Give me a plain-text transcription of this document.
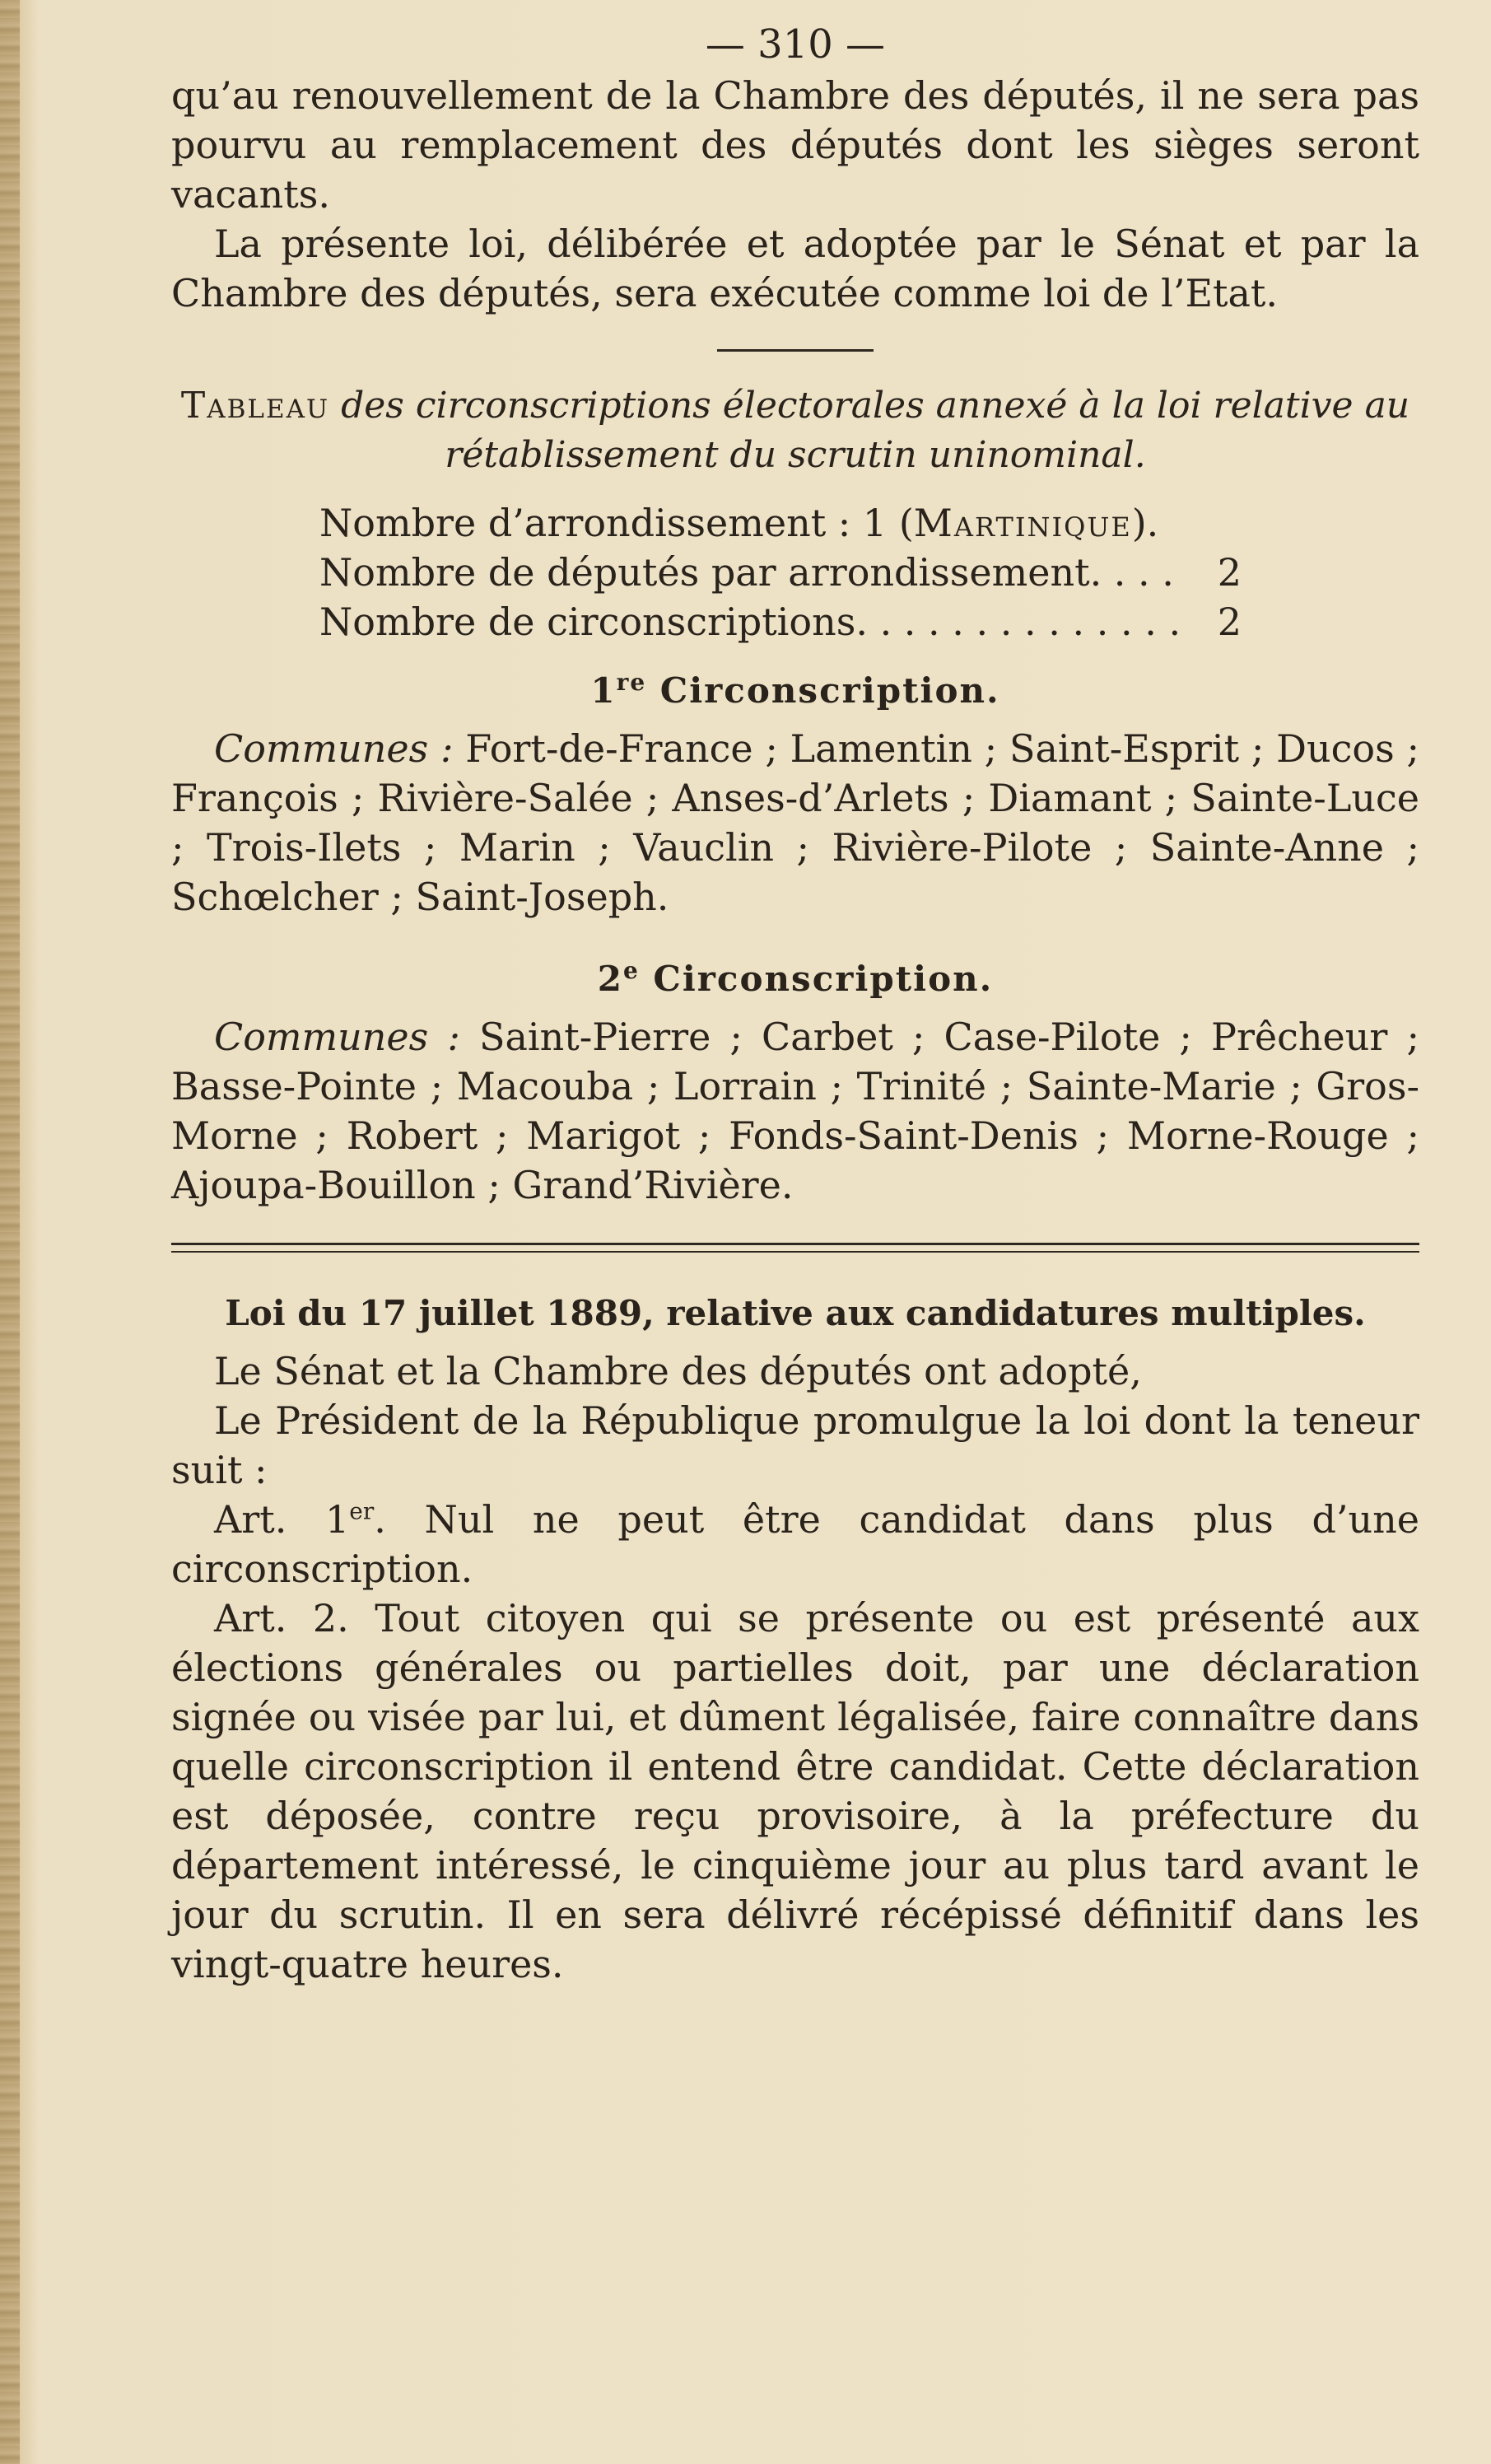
— 310 —

qu’au renouvellement de la Chambre des députés, il ne sera pas pourvu au remplacement des députés dont les sièges seront vacants.

La présente loi, délibérée et adoptée par le Sénat et par la Chambre des députés, sera exécutée comme loi de l’Etat.

Tableau des circonscriptions électorales annexé à la loi relative au rétablissement du scrutin uninominal.
Nombre d’arrondissement : 1 (Martinique).
Nombre de députés par arrondissement. . . . 2
Nombre de circonscriptions. . . . . . . . . . . . . . 2
1re Circonscription.

Communes : Fort-de-France ; Lamentin ; Saint-Esprit ; Ducos ; François ; Rivière-Salée ; Anses-d’Arlets ; Diamant ; Sainte-Luce ; Trois-Ilets ; Marin ; Vauclin ; Rivière-Pilote ; Sainte-Anne ; Schœlcher ; Saint-Joseph.

2e Circonscription.

Communes : Saint-Pierre ; Carbet ; Case-Pilote ; Prêcheur ; Basse-Pointe ; Macouba ; Lorrain ; Trinité ; Sainte-Marie ; Gros-Morne ; Robert ; Marigot ; Fonds-Saint-Denis ; Morne-Rouge ; Ajoupa-Bouillon ; Grand’Rivière.

Loi du 17 juillet 1889, relative aux candidatures multiples.

Le Sénat et la Chambre des députés ont adopté,

Le Président de la République promulgue la loi dont la teneur suit :

Art. 1er. Nul ne peut être candidat dans plus d’une circonscription.

Art. 2. Tout citoyen qui se présente ou est présenté aux élections générales ou partielles doit, par une déclaration signée ou visée par lui, et dûment légalisée, faire connaître dans quelle circonscription il entend être candidat. Cette déclaration est déposée, contre reçu provisoire, à la préfecture du département intéressé, le cinquième jour au plus tard avant le jour du scrutin. Il en sera délivré récépissé définitif dans les vingt-quatre heures.
